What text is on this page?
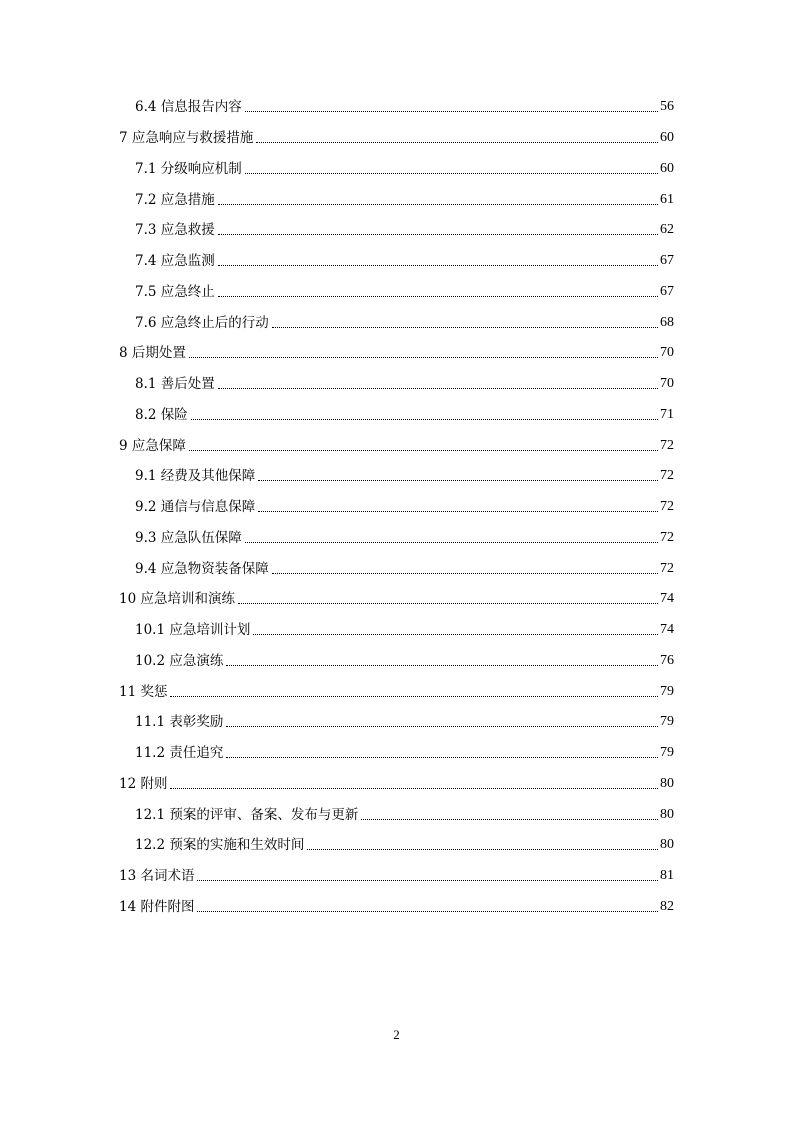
6.4 信息报告内容	56
7 应急响应与救援措施	60
7.1 分级响应机制	60
7.2 应急措施	61
7.3 应急救援	62
7.4 应急监测	67
7.5 应急终止	67
7.6 应急终止后的行动	68
8 后期处置	70
8.1 善后处置	70
8.2 保险	71
9 应急保障	72
9.1 经费及其他保障	72
9.2 通信与信息保障	72
9.3 应急队伍保障	72
9.4 应急物资装备保障	72
10 应急培训和演练	74
10.1 应急培训计划	74
10.2 应急演练	76
11 奖惩	79
11.1 表彰奖励	79
11.2 责任追究	79
12 附则	80
12.1 预案的评审、备案、发布与更新	80
12.2 预案的实施和生效时间	80
13 名词术语	81
14 附件附图	82
2
